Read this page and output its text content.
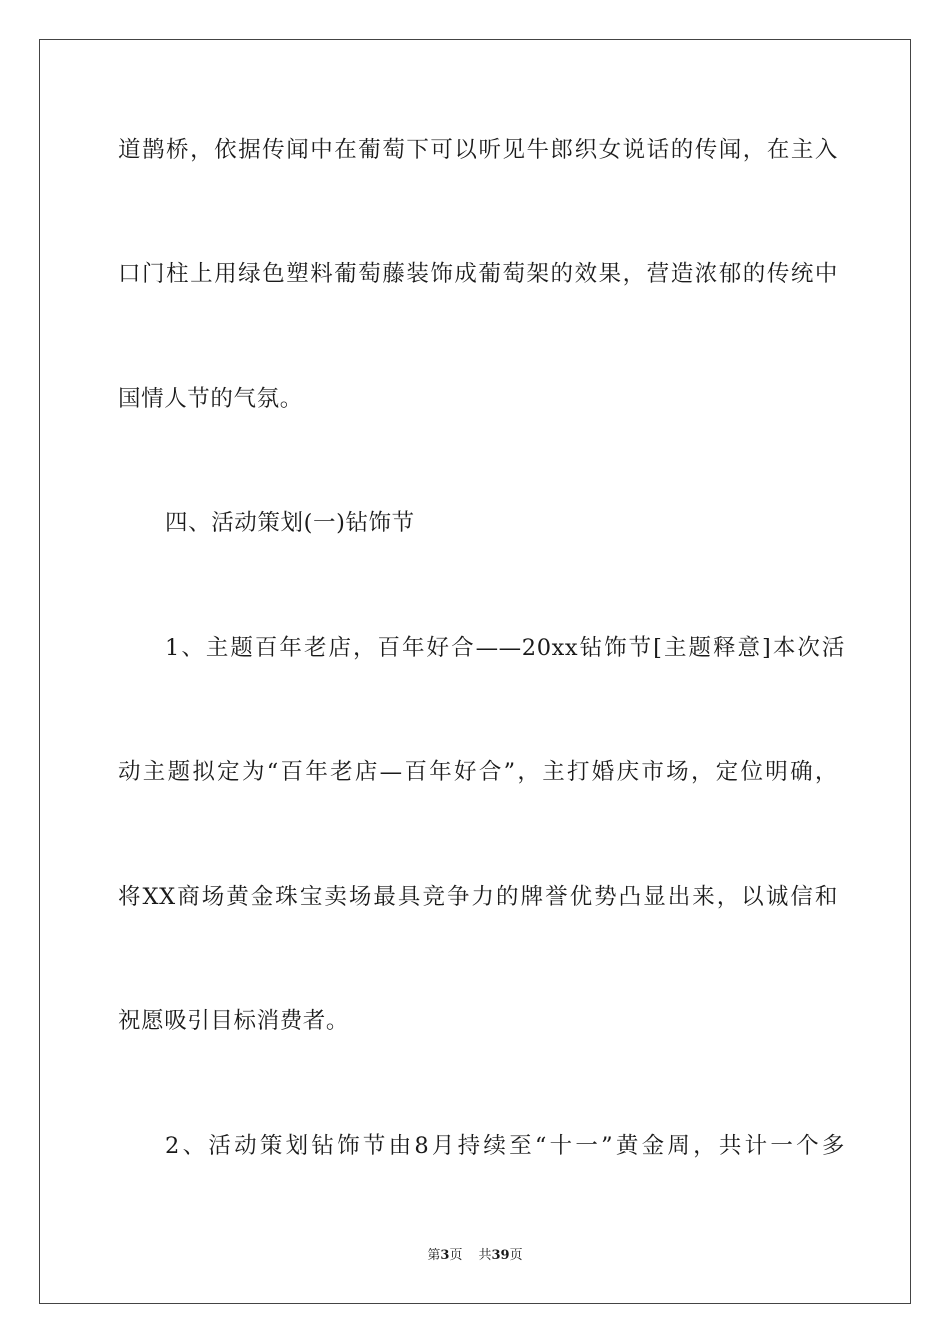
道鹊桥，依据传闻中在葡萄下可以听见牛郎织女说话的传闻，在主入
口门柱上用绿色塑料葡萄藤装饰成葡萄架的效果，营造浓郁的传统中
国情人节的气氛。
四、活动策划(一)钻饰节
1、主题百年老店，百年好合——20xx钻饰节[主题释意]本次活
动主题拟定为“百年老店—百年好合”，主打婚庆市场，定位明确，
将XX商场黄金珠宝卖场最具竞争力的牌誉优势凸显出来，以诚信和
祝愿吸引目标消费者。
2、活动策划钻饰节由8月持续至“十一”黄金周，共计一个多
第3页 共39页
